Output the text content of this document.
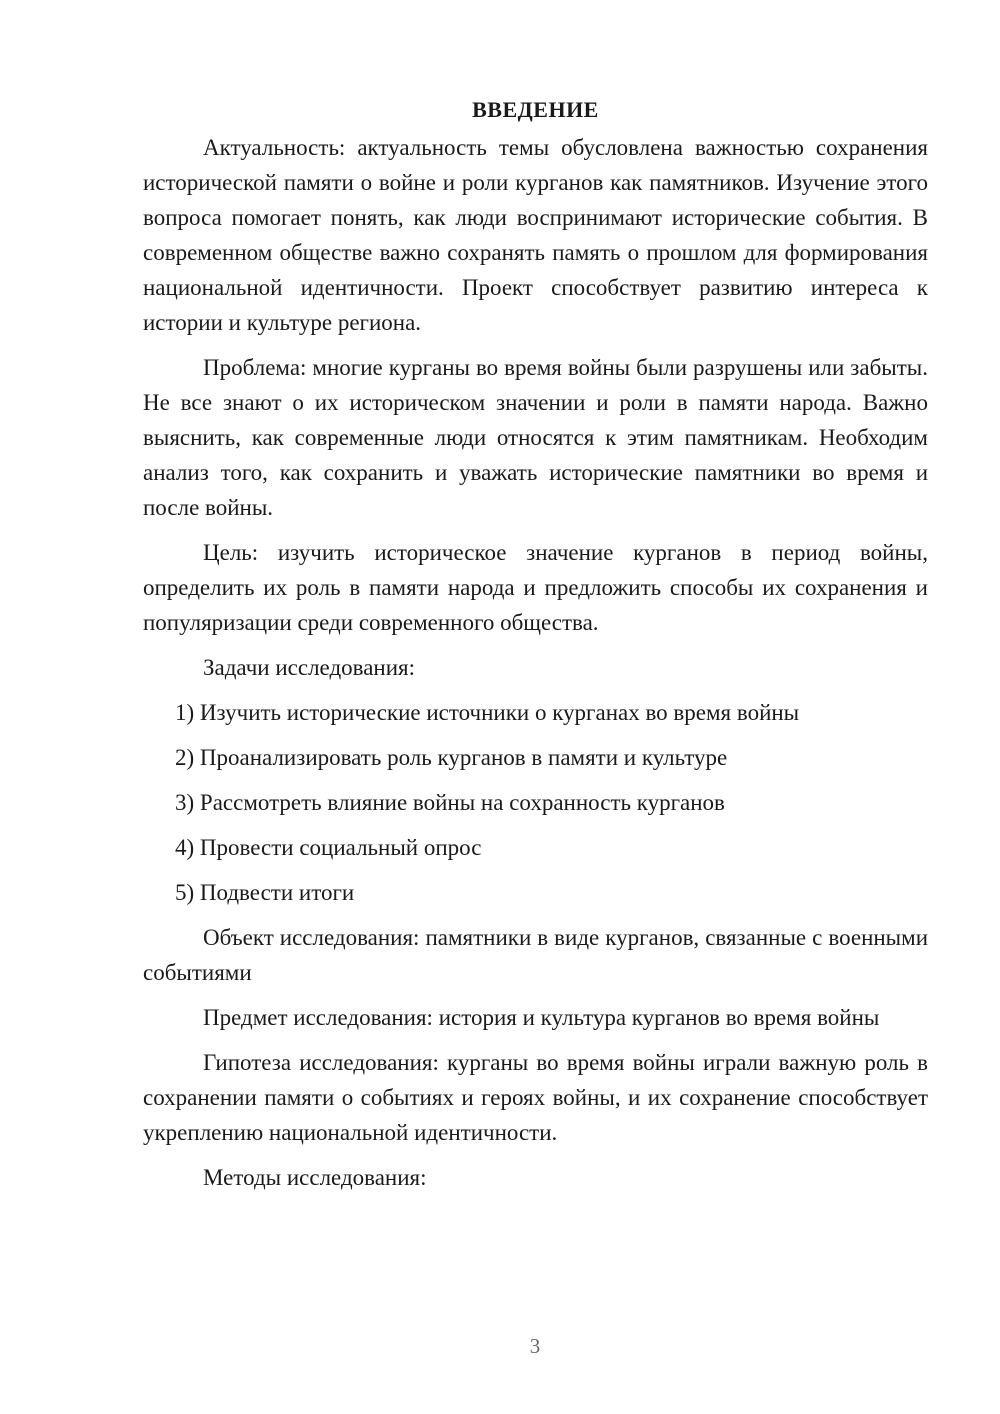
ВВЕДЕНИЕ

Актуальность: актуальность темы обусловлена важностью сохранения исторической памяти о войне и роли курганов как памятников. Изучение этого вопроса помогает понять, как люди воспринимают исторические события. В современном обществе важно сохранять память о прошлом для формирования национальной идентичности. Проект способствует развитию интереса к истории и культуре региона.

Проблема: многие курганы во время войны были разрушены или забыты. Не все знают о их историческом значении и роли в памяти народа. Важно выяснить, как современные люди относятся к этим памятникам. Необходим анализ того, как сохранить и уважать исторические памятники во время и после войны.

Цель: изучить историческое значение курганов в период войны, определить их роль в памяти народа и предложить способы их сохранения и популяризации среди современного общества.

Задачи исследования:

1) Изучить исторические источники о курганах во время войны
2) Проанализировать роль курганов в памяти и культуре
3) Рассмотреть влияние войны на сохранность курганов
4) Провести социальный опрос
5) Подвести итоги

Объект исследования: памятники в виде курганов, связанные с военными событиями

Предмет исследования: история и культура курганов во время войны

Гипотеза исследования: курганы во время войны играли важную роль в сохранении памяти о событиях и героях войны, и их сохранение способствует укреплению национальной идентичности.

Методы исследования:

3
